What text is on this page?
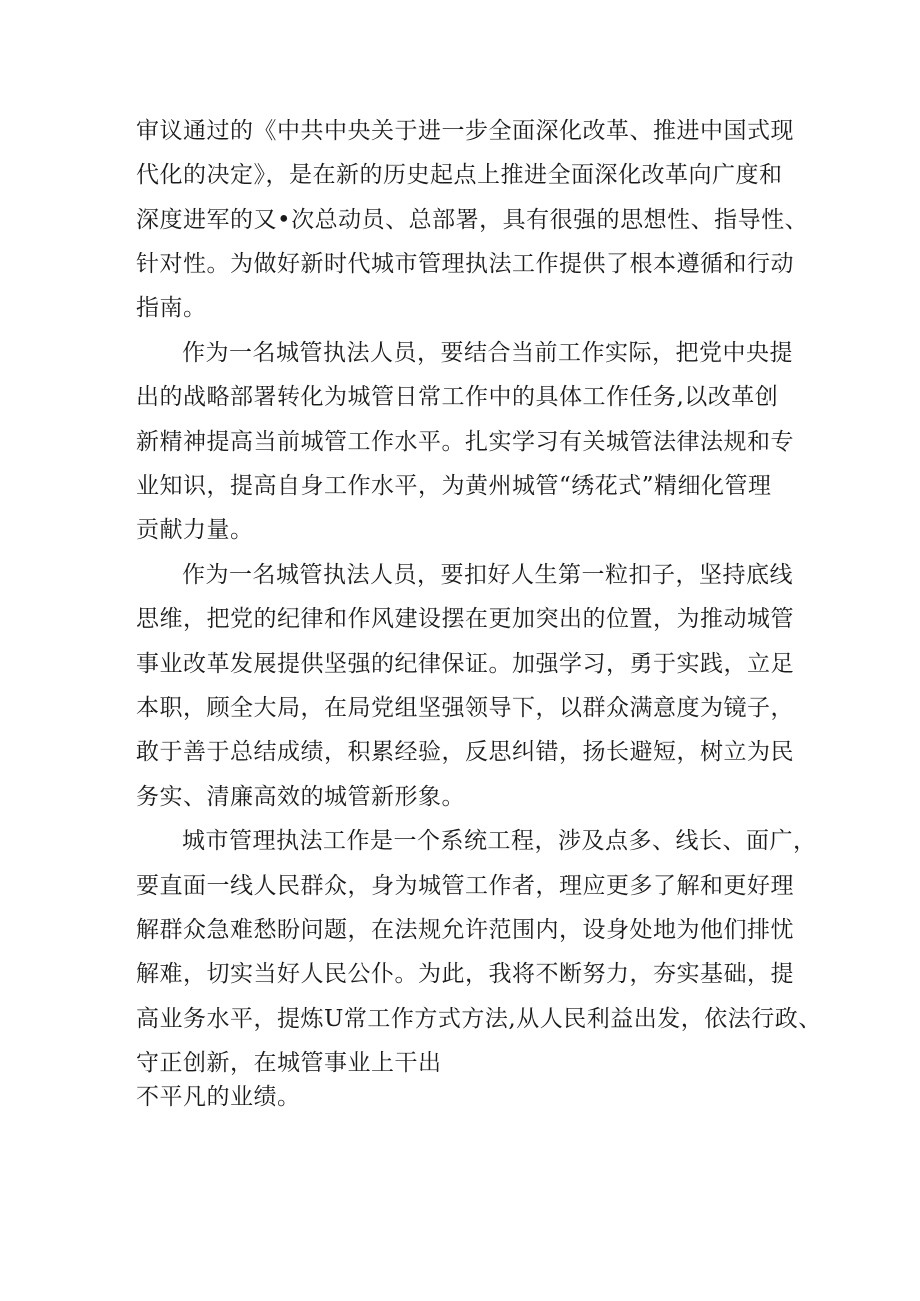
审议通过的《中共中央关于进一步全面深化改革、推进中国式现
代化的决定》，是在新的历史起点上推进全面深化改革向广度和
深度进军的又•次总动员、总部署，具有很强的思想性、指导性、
针对性。为做好新时代城市管理执法工作提供了根本遵循和行动
指南。
作为一名城管执法人员，要结合当前工作实际，把党中央提
出的战略部署转化为城管日常工作中的具体工作任务,以改革创
新精神提高当前城管工作水平。扎实学习有关城管法律法规和专
业知识，提高自身工作水平，为黄州城管“绣花式”精细化管理
贡献力量。
作为一名城管执法人员，要扣好人生第一粒扣子，坚持底线
思维，把党的纪律和作风建设摆在更加突出的位置，为推动城管
事业改革发展提供坚强的纪律保证。加强学习，勇于实践，立足
本职，顾全大局，在局党组坚强领导下，以群众满意度为镜子，
敢于善于总结成绩，积累经验，反思纠错，扬长避短，树立为民
务实、清廉高效的城管新形象。
城市管理执法工作是一个系统工程，涉及点多、线长、面广，
要直面一线人民群众，身为城管工作者，理应更多了解和更好理
解群众急难愁盼问题，在法规允许范围内，设身处地为他们排忧
解难，切实当好人民公仆。为此，我将不断努力，夯实基础，提
高业务水平，提炼U常工作方式方法,从人民利益出发，依法行政、
守正创新，在城管事业上干出
不平凡的业绩。
